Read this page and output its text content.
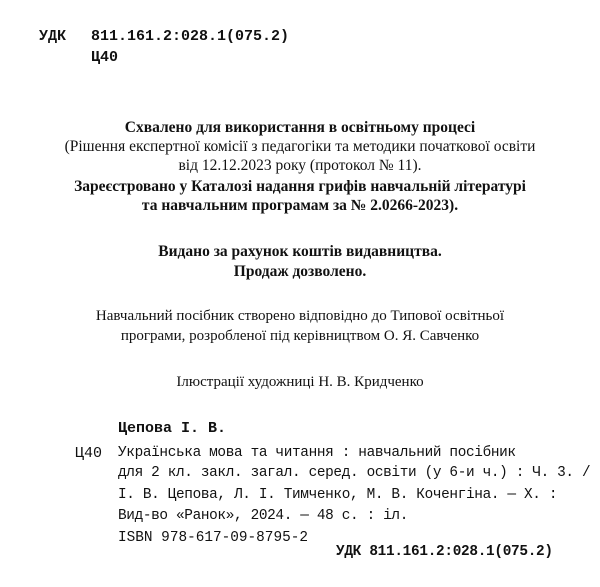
УДК 811.161.2:028.1(075.2)
Ц40
Схвалено для використання в освітньому процесі
(Рішення експертної комісії з педагогіки та методики початкової освіти
від 12.12.2023 року (протокол № 11).
Зареєстровано у Каталозі надання грифів навчальній літературі
та навчальним програмам за № 2.0266-2023).
Видано за рахунок коштів видавництва.
Продаж дозволено.
Навчальний посібник створено відповідно до Типової освітньої
програми, розробленої під керівництвом О. Я. Савченко
Ілюстрації художниці Н. В. Кридченко
Цепова І. В.
Ц40 Українська мова та читання : навчальний посібник
для 2 кл. закл. загал. серед. освіти (у 6-и ч.) : Ч. 3. /
І. В. Цепова, Л. І. Тимченко, М. В. Коченгіна. — Х. :
Вид-во «Ранок», 2024. — 48 с. : іл.
ISBN 978-617-09-8795-2
УДК 811.161.2:028.1(075.2)
